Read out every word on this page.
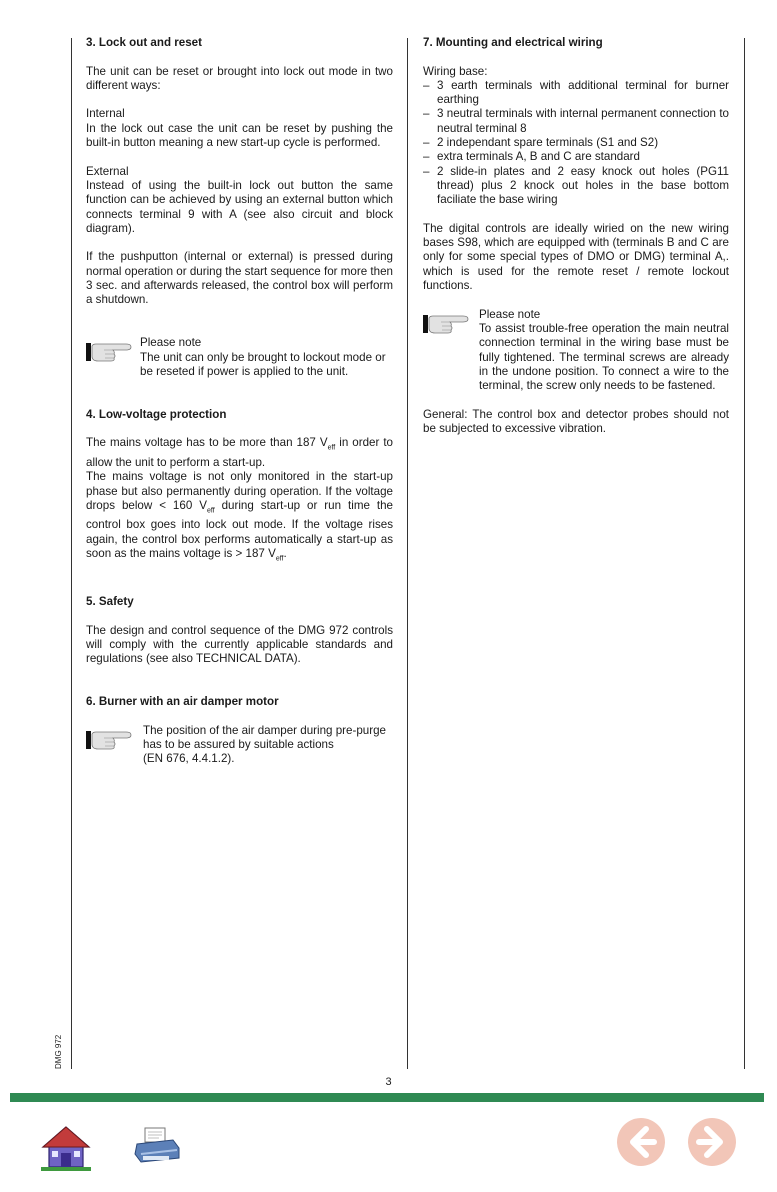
3. Lock out and reset

The unit can be reset or brought into lock out mode in two different ways:

Internal

In the lock out case the unit can be reset by pushing the built-in button meaning a new start-up cycle is performed.

External

Instead of using the built-in lock out button the same function can be achieved by using an external button which connects terminal 9 with A (see also circuit and block diagram).

If the pushputton (internal or external) is pressed during normal operation or during the start sequence for more then 3 sec. and afterwards released, the control box will perform a shutdown.

Please note

The unit can only be brought to lockout mode or be reseted if power is applied to the unit.

4. Low-voltage protection

The mains voltage has to be more than 187 $V_{eff}$ in order to allow the unit to perform a start-up.

The mains voltage is not only monitored in the start-up phase but also permanently during operation. If the voltage drops below < 160 $V_{eff}$ during start-up or run time the control box goes into lock out mode. If the voltage rises again, the control box performs automatically a start-up as soon as the mains voltage is > 187 $V_{eff}$.

5. Safety

The design and control sequence of the DMG 972 controls will comply with the currently applicable standards and regulations (see also TECHNICAL DATA).

6. Burner with an air damper motor

The position of the air damper during pre-purge

has to be assured by suitable actions

(EN 676, 4.4.1.2).

7. Mounting and electrical wiring

Wiring base:

– 3 earth terminals with additional terminal for burner earthing
– 3 neutral terminals with internal permanent connection to neutral terminal 8
– 2 independant spare terminals (S1 and S2)
– extra terminals A, B and C are standard
– 2 slide-in plates and 2 easy knock out holes (PG11 thread) plus 2 knock out holes in the base bottom faciliate the base wiring

The digital controls are ideally wiried on the new wiring bases S98, which are equipped with (terminals B and C are only for some special types of DMO or DMG) terminal A,. which is used for the remote reset / remote lockout functions.

Please note

To assist trouble-free operation the main neutral connection terminal in the wiring base must be fully tightened. The terminal screws are already in the undone position. To connect a wire to the terminal, the screw only needs to be fastened.

General: The control box and detector probes should not be subjected to excessive vibration.

DMG 972
3
